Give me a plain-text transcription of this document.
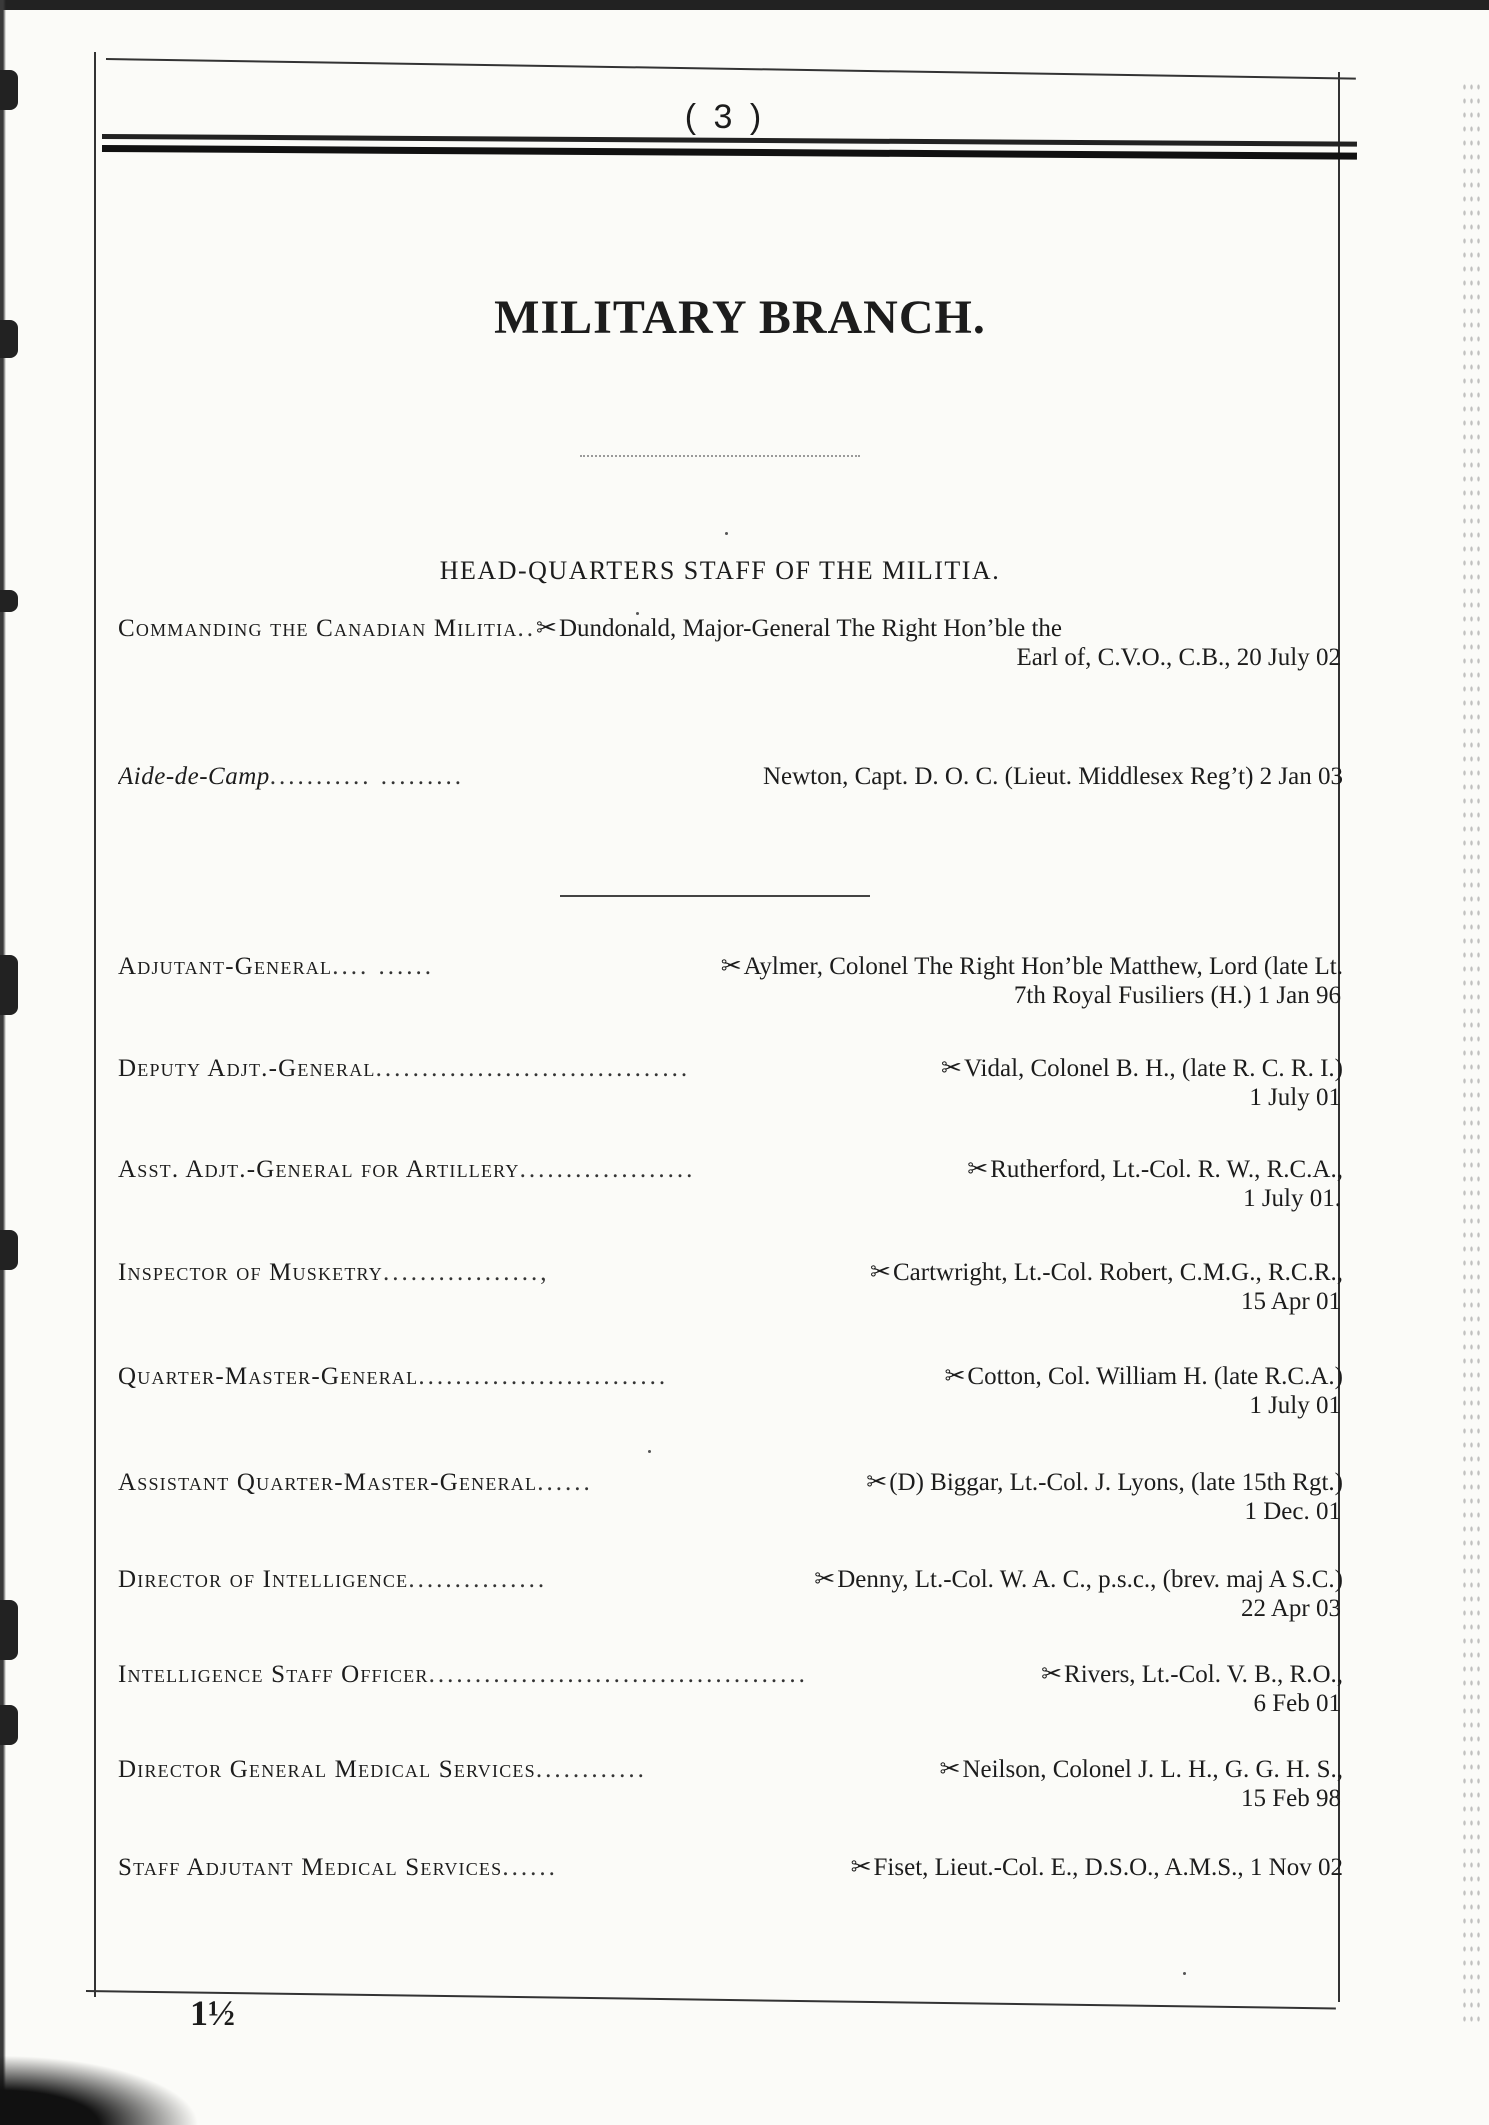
( 3 )
MILITARY BRANCH.
HEAD-QUARTERS STAFF OF THE MILITIA.
Commanding the Canadian Militia .. ✂ Dundonald, Major-General The Right Hon’ble the
Earl of, C.V.O., C.B., 20 July 02
Aide-de-Camp ........... .........	Newton, Capt. D. O. C. (Lieut. Middlesex Reg’t) 2 Jan 03
Adjutant-General .... ......	✂ Aylmer, Colonel The Right Hon’ble Matthew, Lord (late Lt.
7th Royal Fusiliers (H.) 1 Jan 96
Deputy Adjt.-General ..................................	✂ Vidal, Colonel B. H., (late R. C. R. I.)
1 July 01
Asst. Adjt.-General for Artillery ...................	✂ Rutherford, Lt.-Col. R. W., R.C.A.,
1 July 01.
Inspector of Musketry .................,	✂ Cartwright, Lt.-Col. Robert, C.M.G., R.C.R.,
15 Apr 01
Quarter-Master-General ...........................	✂ Cotton, Col. William H. (late R.C.A.)
1 July 01
Assistant Quarter-Master-General ......	✂ (D) Biggar, Lt.-Col. J. Lyons, (late 15th Rgt.)
1 Dec. 01
Director of Intelligence ...............	✂ Denny, Lt.-Col. W. A. C., p.s.c., (brev. maj A S.C.)
22 Apr 03
Intelligence Staff Officer .........................................	✂ Rivers, Lt.-Col. V. B., R.O.,
6 Feb 01
Director General Medical Services ............	✂ Neilson, Colonel J. L. H., G. G. H. S.,
15 Feb 98
Staff Adjutant Medical Services ......	✂ Fiset, Lieut.-Col. E., D.S.O., A.M.S., 1 Nov 02
1½
